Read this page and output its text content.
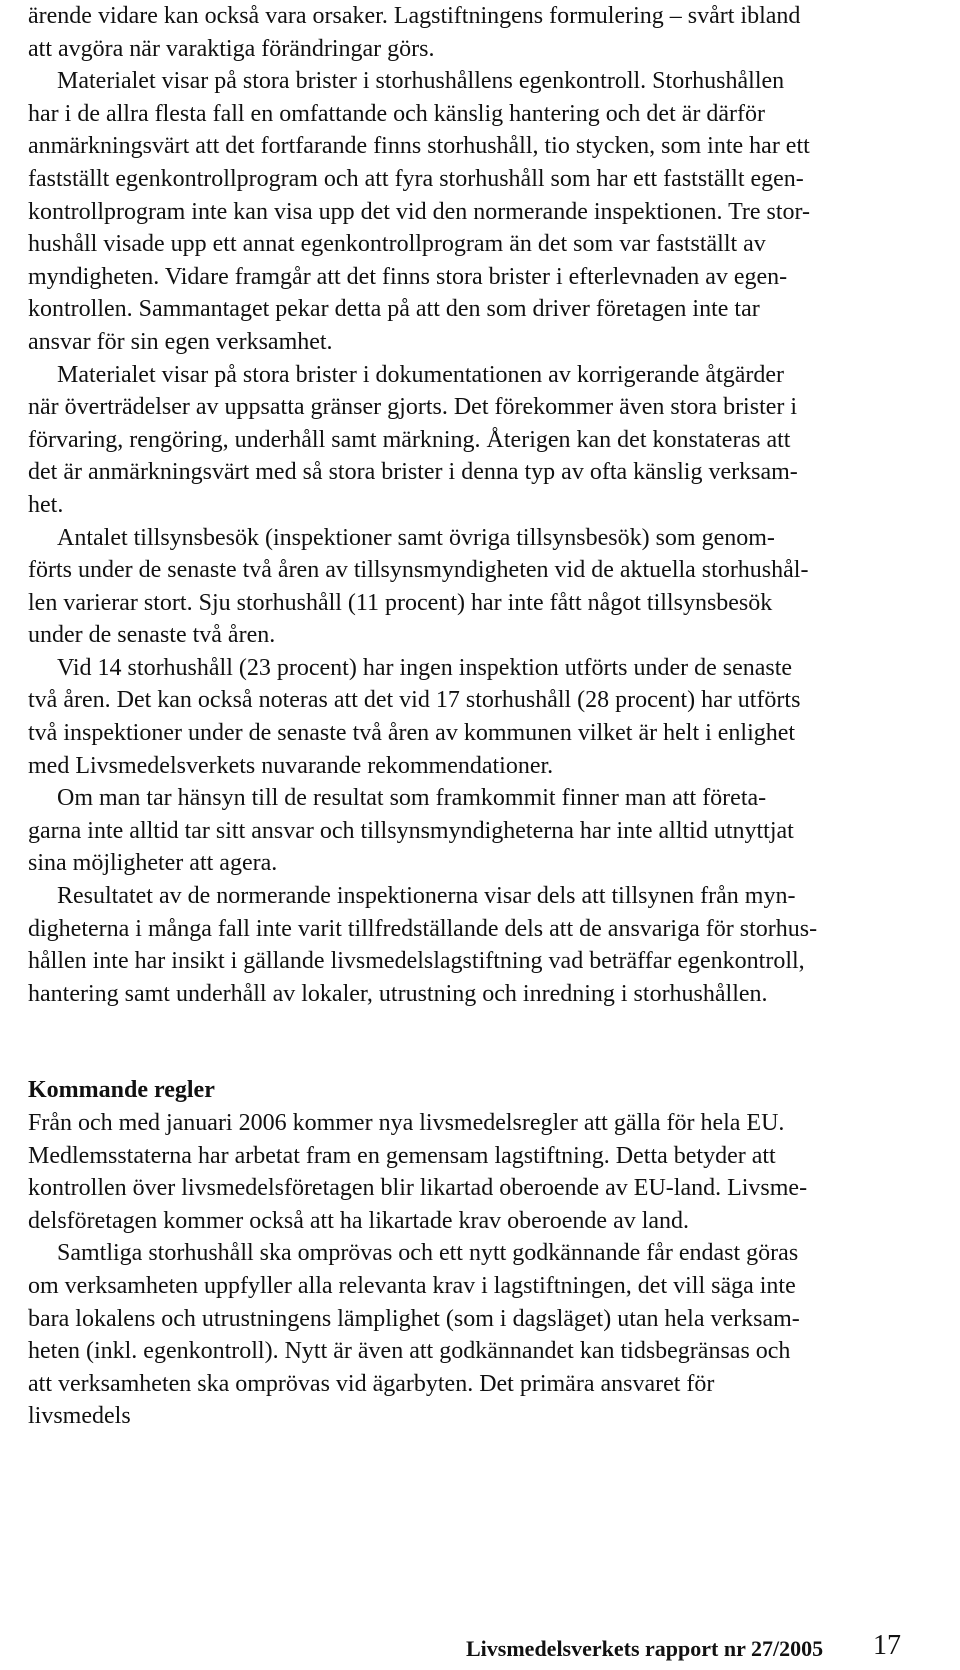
ärende vidare kan också vara orsaker. Lagstiftningens formulering – svårt ibland
att avgöra när varaktiga förändringar görs.

Materialet visar på stora brister i storhushållens egenkontroll. Storhushållen
har i de allra flesta fall en omfattande och känslig hantering och det är därför
anmärkningsvärt att det fortfarande finns storhushåll, tio stycken, som inte har ett
fastställt egenkontrollprogram och att fyra storhushåll som har ett fastställt egen-
kontrollprogram inte kan visa upp det vid den normerande inspektionen. Tre stor-
hushåll visade upp ett annat egenkontrollprogram än det som var fastställt av
myndigheten. Vidare framgår att det finns stora brister i efterlevnaden av egen-
kontrollen. Sammantaget pekar detta på att den som driver företagen inte tar
ansvar för sin egen verksamhet.

Materialet visar på stora brister i dokumentationen av korrigerande åtgärder
när överträdelser av uppsatta gränser gjorts. Det förekommer även stora brister i
förvaring, rengöring, underhåll samt märkning. Återigen kan det konstateras att
det är anmärkningsvärt med så stora brister i denna typ av ofta känslig verksam-
het.

Antalet tillsynsbesök (inspektioner samt övriga tillsynsbesök) som genom-
förts under de senaste två åren av tillsynsmyndigheten vid de aktuella storhushål-
len varierar stort. Sju storhushåll (11 procent) har inte fått något tillsynsbesök
under de senaste två åren.

Vid 14 storhushåll (23 procent) har ingen inspektion utförts under de senaste
två åren. Det kan också noteras att det vid 17 storhushåll (28 procent) har utförts
två inspektioner under de senaste två åren av kommunen vilket är helt i enlighet
med Livsmedelsverkets nuvarande rekommendationer.

Om man tar hänsyn till de resultat som framkommit finner man att företa-
garna inte alltid tar sitt ansvar och tillsynsmyndigheterna har inte alltid utnyttjat
sina möjligheter att agera.

Resultatet av de normerande inspektionerna visar dels att tillsynen från myn-
digheterna i många fall inte varit tillfredställande dels att de ansvariga för storhus-
hållen inte har insikt i gällande livsmedelslagstiftning vad beträffar egenkontroll,
hantering samt underhåll av lokaler, utrustning och inredning i storhushållen.

Kommande regler

Från och med januari 2006 kommer nya livsmedelsregler att gälla för hela EU.
Medlemsstaterna har arbetat fram en gemensam lagstiftning. Detta betyder att
kontrollen över livsmedelsföretagen blir likartad oberoende av EU-land. Livsme-
delsföretagen kommer också att ha likartade krav oberoende av land.

Samtliga storhushåll ska omprövas och ett nytt godkännande får endast göras
om verksamheten uppfyller alla relevanta krav i lagstiftningen, det vill säga inte
bara lokalens och utrustningens lämplighet (som i dagsläget) utan hela verksam-
heten (inkl. egenkontroll). Nytt är även att godkännandet kan tidsbegränsas och
att verksamheten ska omprövas vid ägarbyten. Det primära ansvaret för
livsmedels

Livsmedelsverkets rapport nr 27/2005 17
